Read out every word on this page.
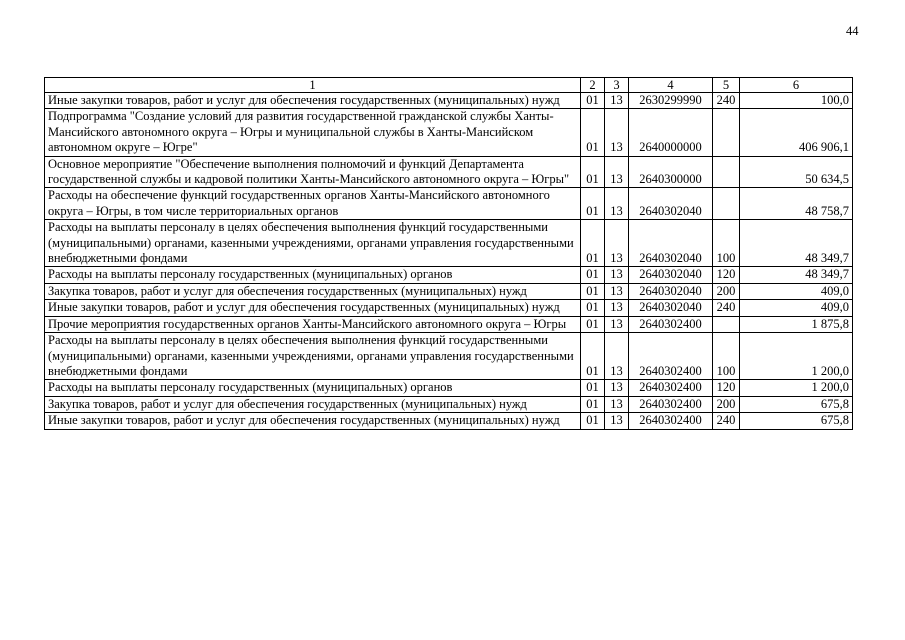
44
1	2	3	4	5	6
Иные закупки товаров, работ и услуг для обеспечения государственных (муниципальных) нужд	01	13	2630299990	240	100,0
Подпрограмма "Создание условий для развития государственной гражданской службы Ханты-Мансийского автономного округа – Югры и муниципальной службы в Ханты-Мансийском автономном округе – Югре"	01	13	2640000000		406 906,1
Основное мероприятие "Обеспечение выполнения полномочий и функций Департамента государственной службы и кадровой политики Ханты-Мансийского автономного округа – Югры"	01	13	2640300000		50 634,5
Расходы на обеспечение функций государственных органов Ханты-Мансийского автономного округа – Югры, в том числе территориальных органов	01	13	2640302040		48 758,7
Расходы на выплаты персоналу в целях обеспечения выполнения функций государственными (муниципальными) органами, казенными учреждениями, органами управления государственными внебюджетными фондами	01	13	2640302040	100	48 349,7
Расходы на выплаты персоналу государственных (муниципальных) органов	01	13	2640302040	120	48 349,7
Закупка товаров, работ и услуг для обеспечения государственных (муниципальных) нужд	01	13	2640302040	200	409,0
Иные закупки товаров, работ и услуг для обеспечения государственных (муниципальных) нужд	01	13	2640302040	240	409,0
Прочие мероприятия государственных органов Ханты-Мансийского автономного округа – Югры	01	13	2640302400		1 875,8
Расходы на выплаты персоналу в целях обеспечения выполнения функций государственными (муниципальными) органами, казенными учреждениями, органами управления государственными внебюджетными фондами	01	13	2640302400	100	1 200,0
Расходы на выплаты персоналу государственных (муниципальных) органов	01	13	2640302400	120	1 200,0
Закупка товаров, работ и услуг для обеспечения государственных (муниципальных) нужд	01	13	2640302400	200	675,8
Иные закупки товаров, работ и услуг для обеспечения государственных (муниципальных) нужд	01	13	2640302400	240	675,8
